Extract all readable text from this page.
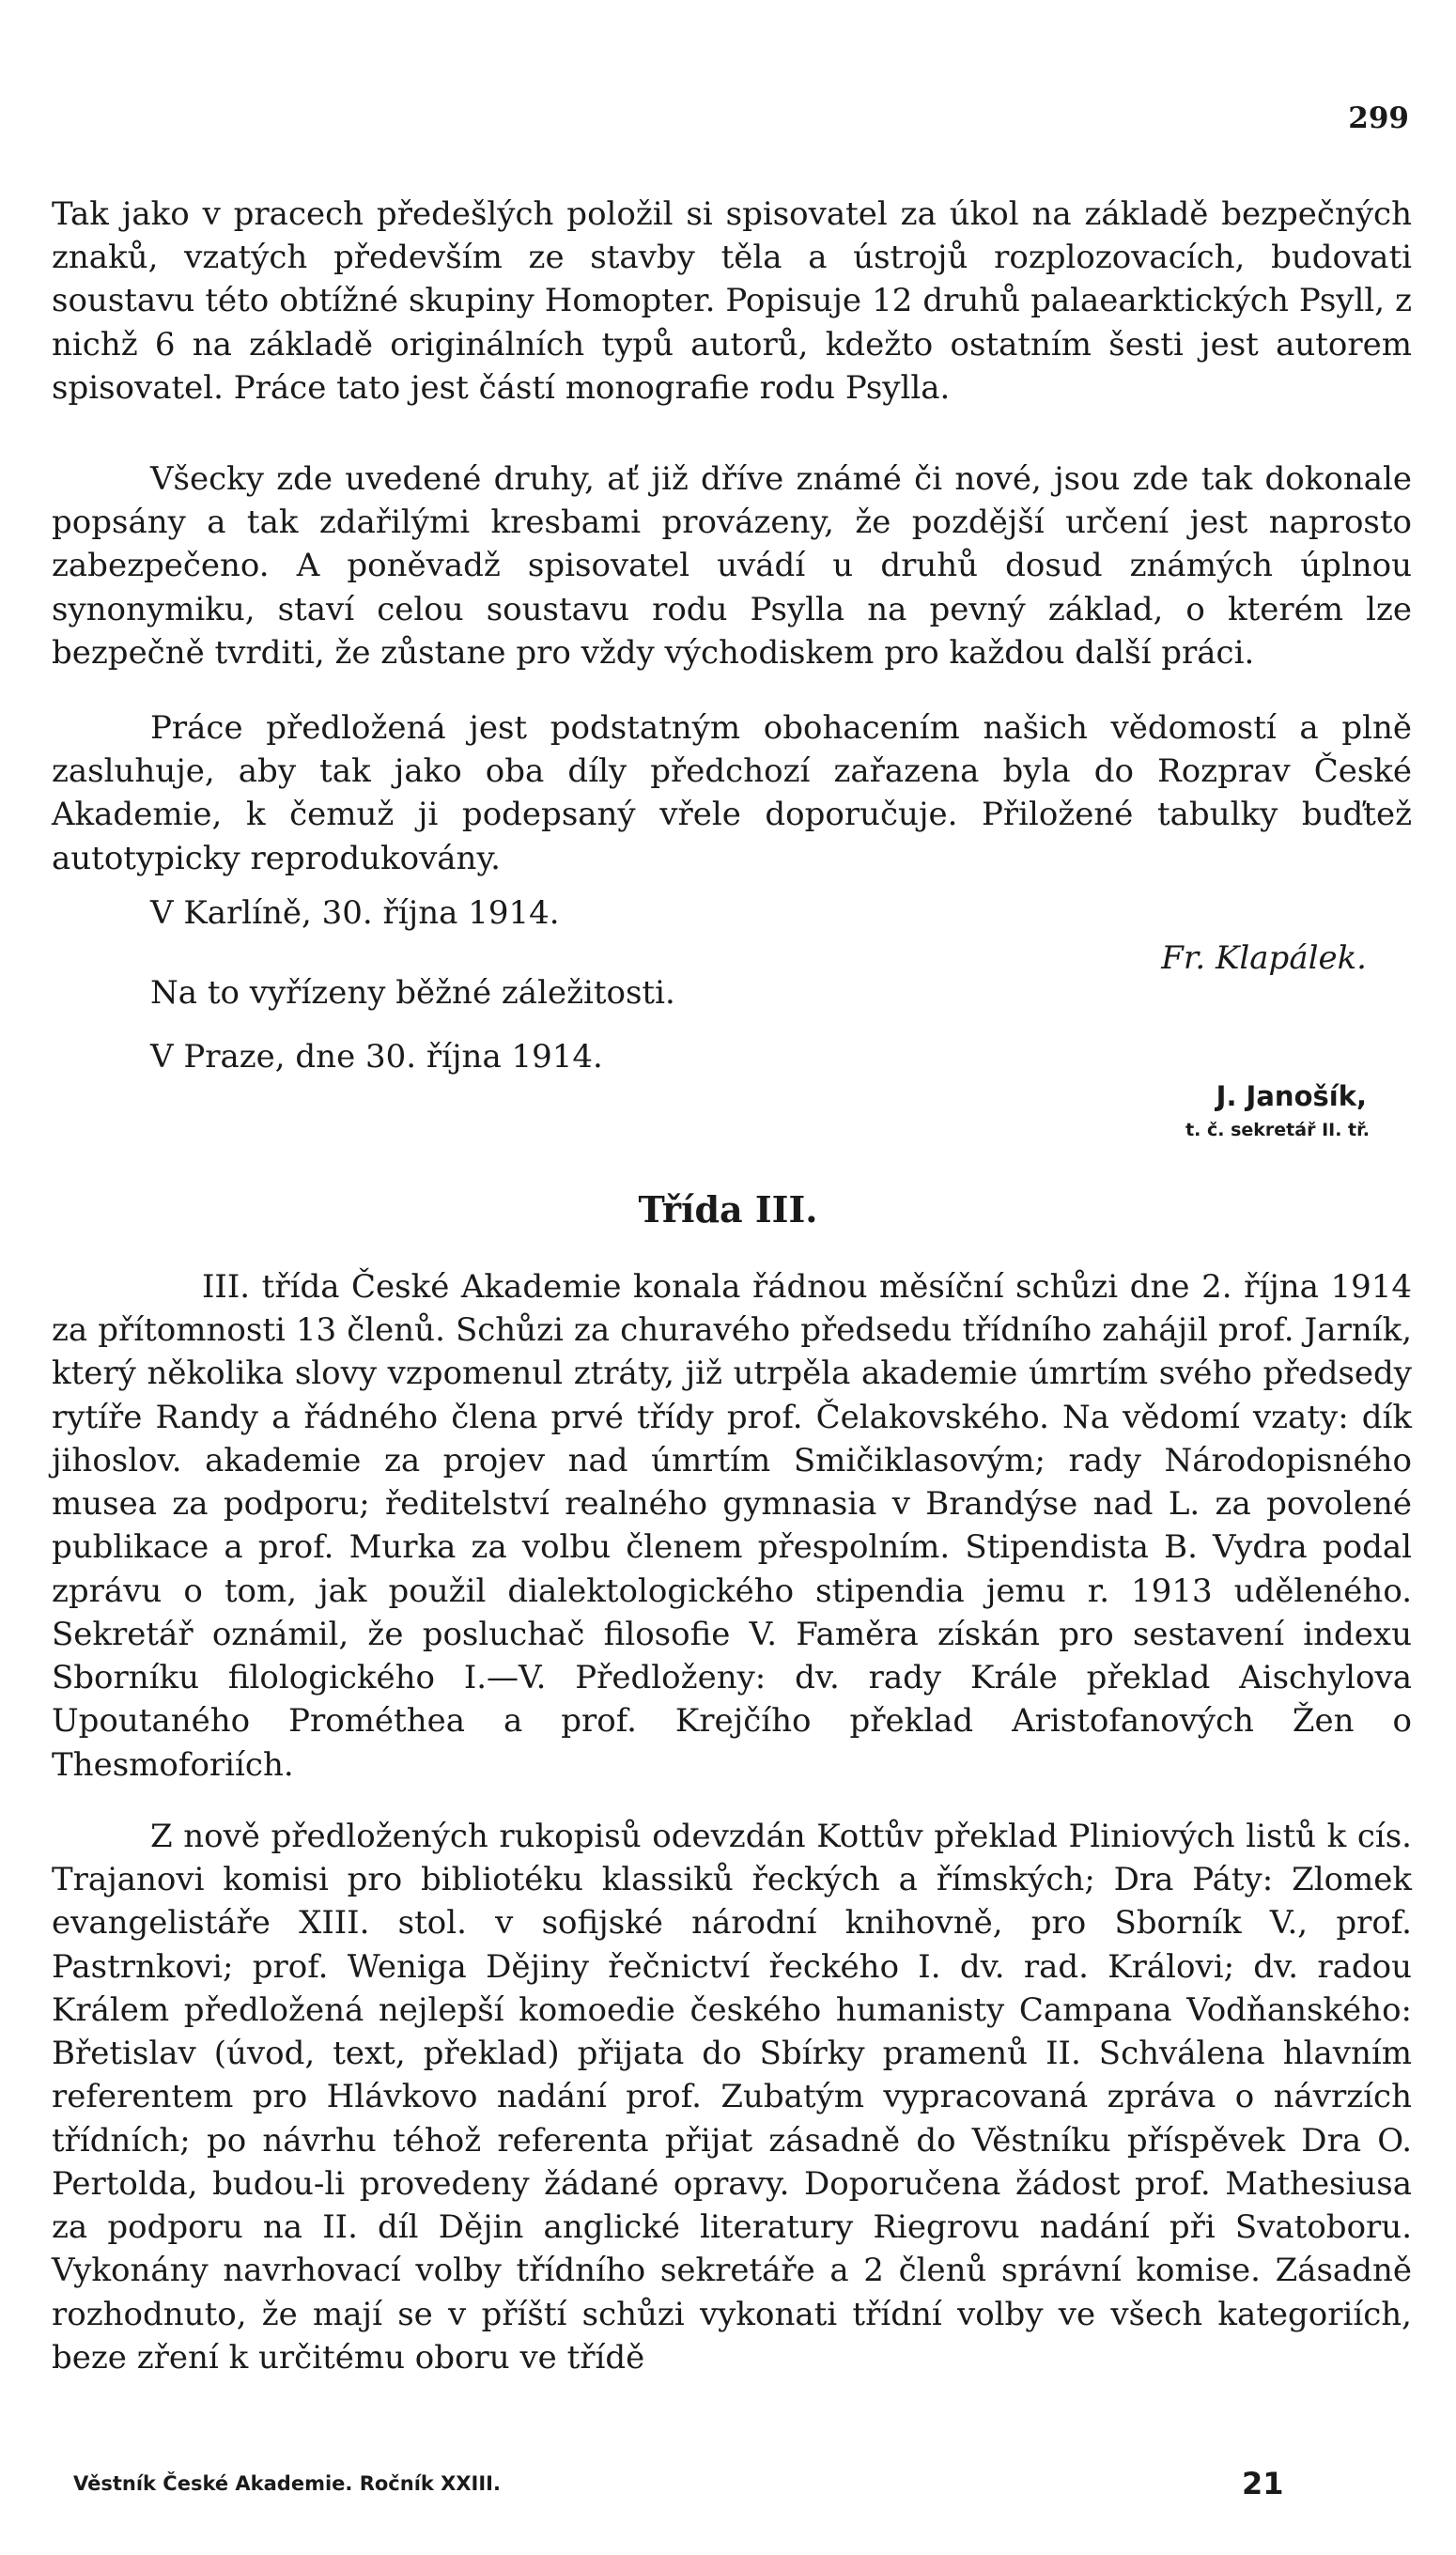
299

Tak jako v pracech předešlých položil si spisovatel za úkol na základě bezpečných znaků, vzatých především ze stavby těla a ústrojů rozplozovacích, budovati soustavu této obtížné skupiny Homopter. Popisuje 12 druhů palaearktických Psyll, z nichž 6 na základě originálních typů autorů, kdežto ostatním šesti jest autorem spisovatel. Práce tato jest částí monografie rodu Psylla.

Všecky zde uvedené druhy, ať již dříve známé či nové, jsou zde tak dokonale popsány a tak zdařilými kresbami provázeny, že pozdější určení jest naprosto zabezpečeno. A poněvadž spisovatel uvádí u druhů dosud známých úplnou synonymiku, staví celou soustavu rodu Psylla na pevný základ, o kterém lze bezpečně tvrditi, že zůstane pro vždy východiskem pro každou další práci.

Práce předložená jest podstatným obohacením našich vědomostí a plně zasluhuje, aby tak jako oba díly předchozí zařazena byla do Rozprav České Akademie, k čemuž ji podepsaný vřele doporučuje. Přiložené tabulky buďtež autotypicky reprodukovány.

V Karlíně, 30. října 1914.
Fr. Klapálek.
Na to vyřízeny běžné záležitosti.
V Praze, dne 30. října 1914.
J. Janošík,
t. č. sekretář II. tř.
Třída III.

III. třída České Akademie konala řádnou měsíční schůzi dne 2. října 1914 za přítomnosti 13 členů. Schůzi za churavého předsedu třídního zahájil prof. Jarník, který několika slovy vzpomenul ztráty, již utrpěla akademie úmrtím svého předsedy rytíře Randy a řádného člena prvé třídy prof. Čelakovského. Na vědomí vzaty: dík jihoslov. akademie za projev nad úmrtím Smičiklasovým; rady Národopisného musea za podporu; ředitelství realného gymnasia v Brandýse nad L. za povolené publikace a prof. Murka za volbu členem přespolním. Stipendista B. Vydra podal zprávu o tom, jak použil dialektologického stipendia jemu r. 1913 uděleného. Sekretář oznámil, že posluchač filosofie V. Faměra získán pro sestavení indexu Sborníku filologického I.—V. Předloženy: dv. rady Krále překlad Aischylova Upoutaného Prométhea a prof. Krejčího překlad Aristofanových Žen o Thesmoforiích.

Z nově předložených rukopisů odevzdán Kottův překlad Pliniových listů k cís. Trajanovi komisi pro bibliotéku klassiků řeckých a římských; Dra Páty: Zlomek evangelistáře XIII. stol. v sofijské národní knihovně, pro Sborník V., prof. Pastrnkovi; prof. Weniga Dějiny řečnictví řeckého I. dv. rad. Královi; dv. radou Králem předložená nejlepší komoedie českého humanisty Campana Vodňanského: Břetislav (úvod, text, překlad) přijata do Sbírky pramenů II. Schválena hlavním referentem pro Hlávkovo nadání prof. Zubatým vypracovaná zpráva o návrzích třídních; po návrhu téhož referenta přijat zásadně do Věstníku příspěvek Dra O. Pertolda, budou-li provedeny žádané opravy. Doporučena žádost prof. Mathesiusa za podporu na II. díl Dějin anglické literatury Riegrovu nadání při Svatoboru. Vykonány navrhovací volby třídního sekretáře a 2 členů správní komise. Zásadně rozhodnuto, že mají se v příští schůzi vykonati třídní volby ve všech kategoriích, beze zření k určitému oboru ve třídě

Věstník České Akademie. Ročník XXIII.	21
